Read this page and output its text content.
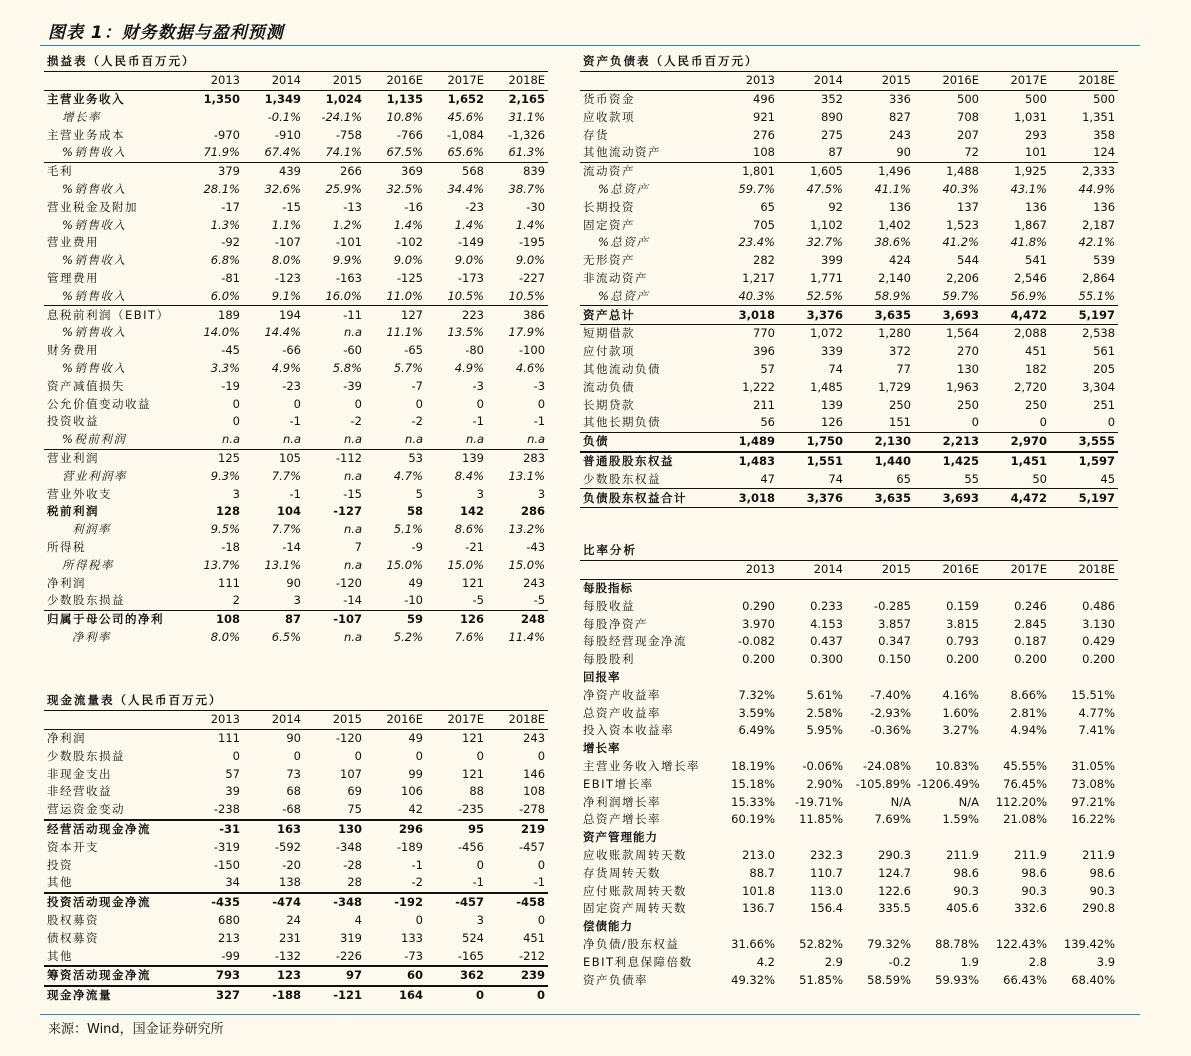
图表 1：财务数据与盈利预测
损益表（人民币百万元）						
	2013	2014	2015	2016E	2017E	2018E
主营业务收入	1,350	1,349	1,024	1,135	1,652	2,165
增长率		-0.1%	-24.1%	10.8%	45.6%	31.1%
主营业务成本	-970	-910	-758	-766	-1,084	-1,326
%销售收入	71.9%	67.4%	74.1%	67.5%	65.6%	61.3%
毛利	379	439	266	369	568	839
%销售收入	28.1%	32.6%	25.9%	32.5%	34.4%	38.7%
营业税金及附加	-17	-15	-13	-16	-23	-30
%销售收入	1.3%	1.1%	1.2%	1.4%	1.4%	1.4%
营业费用	-92	-107	-101	-102	-149	-195
%销售收入	6.8%	8.0%	9.9%	9.0%	9.0%	9.0%
管理费用	-81	-123	-163	-125	-173	-227
%销售收入	6.0%	9.1%	16.0%	11.0%	10.5%	10.5%
息税前利润（EBIT）	189	194	-11	127	223	386
%销售收入	14.0%	14.4%	n.a	11.1%	13.5%	17.9%
财务费用	-45	-66	-60	-65	-80	-100
%销售收入	3.3%	4.9%	5.8%	5.7%	4.9%	4.6%
资产减值损失	-19	-23	-39	-7	-3	-3
公允价值变动收益	0	0	0	0	0	0
投资收益	0	-1	-2	-2	-1	-1
%税前利润	n.a	n.a	n.a	n.a	n.a	n.a
营业利润	125	105	-112	53	139	283
营业利润率	9.3%	7.7%	n.a	4.7%	8.4%	13.1%
营业外收支	3	-1	-15	5	3	3
税前利润	128	104	-127	58	142	286
利润率	9.5%	7.7%	n.a	5.1%	8.6%	13.2%
所得税	-18	-14	7	-9	-21	-43
所得税率	13.7%	13.1%	n.a	15.0%	15.0%	15.0%
净利润	111	90	-120	49	121	243
少数股东损益	2	3	-14	-10	-5	-5
归属于母公司的净利	108	87	-107	59	126	248
净利率	8.0%	6.5%	n.a	5.2%	7.6%	11.4%
现金流量表（人民币百万元）						
	2013	2014	2015	2016E	2017E	2018E
净利润	111	90	-120	49	121	243
少数股东损益	0	0	0	0	0	0
非现金支出	57	73	107	99	121	146
非经营收益	39	68	69	106	88	108
营运资金变动	-238	-68	75	42	-235	-278
经营活动现金净流	-31	163	130	296	95	219
资本开支	-319	-592	-348	-189	-456	-457
投资	-150	-20	-28	-1	0	0
其他	34	138	28	-2	-1	-1
投资活动现金净流	-435	-474	-348	-192	-457	-458
股权募资	680	24	4	0	3	0
债权募资	213	231	319	133	524	451
其他	-99	-132	-226	-73	-165	-212
筹资活动现金净流	793	123	97	60	362	239
现金净流量	327	-188	-121	164	0	0
资产负债表（人民币百万元）						
	2013	2014	2015	2016E	2017E	2018E
货币资金	496	352	336	500	500	500
应收款项	921	890	827	708	1,031	1,351
存货	276	275	243	207	293	358
其他流动资产	108	87	90	72	101	124
流动资产	1,801	1,605	1,496	1,488	1,925	2,333
%总资产	59.7%	47.5%	41.1%	40.3%	43.1%	44.9%
长期投资	65	92	136	137	136	136
固定资产	705	1,102	1,402	1,523	1,867	2,187
%总资产	23.4%	32.7%	38.6%	41.2%	41.8%	42.1%
无形资产	282	399	424	544	541	539
非流动资产	1,217	1,771	2,140	2,206	2,546	2,864
%总资产	40.3%	52.5%	58.9%	59.7%	56.9%	55.1%
资产总计	3,018	3,376	3,635	3,693	4,472	5,197
短期借款	770	1,072	1,280	1,564	2,088	2,538
应付款项	396	339	372	270	451	561
其他流动负债	57	74	77	130	182	205
流动负债	1,222	1,485	1,729	1,963	2,720	3,304
长期贷款	211	139	250	250	250	251
其他长期负债	56	126	151	0	0	0
负债	1,489	1,750	2,130	2,213	2,970	3,555
普通股股东权益	1,483	1,551	1,440	1,425	1,451	1,597
少数股东权益	47	74	65	55	50	45
负债股东权益合计	3,018	3,376	3,635	3,693	4,472	5,197
比率分析						
	2013	2014	2015	2016E	2017E	2018E
每股指标						
每股收益	0.290	0.233	-0.285	0.159	0.246	0.486
每股净资产	3.970	4.153	3.857	3.815	2.845	3.130
每股经营现金净流	-0.082	0.437	0.347	0.793	0.187	0.429
每股股利	0.200	0.300	0.150	0.200	0.200	0.200
回报率						
净资产收益率	7.32%	5.61%	-7.40%	4.16%	8.66%	15.51%
总资产收益率	3.59%	2.58%	-2.93%	1.60%	2.81%	4.77%
投入资本收益率	6.49%	5.95%	-0.36%	3.27%	4.94%	7.41%
增长率						
主营业务收入增长率	18.19%	-0.06%	-24.08%	10.83%	45.55%	31.05%
EBIT增长率	15.18%	2.90%	-105.89%	-1206.49%	76.45%	73.08%
净利润增长率	15.33%	-19.71%	N/A	N/A	112.20%	97.21%
总资产增长率	60.19%	11.85%	7.69%	1.59%	21.08%	16.22%
资产管理能力						
应收账款周转天数	213.0	232.3	290.3	211.9	211.9	211.9
存货周转天数	88.7	110.7	124.7	98.6	98.6	98.6
应付账款周转天数	101.8	113.0	122.6	90.3	90.3	90.3
固定资产周转天数	136.7	156.4	335.5	405.6	332.6	290.8
偿债能力						
净负债/股东权益	31.66%	52.82%	79.32%	88.78%	122.43%	139.42%
EBIT利息保障倍数	4.2	2.9	-0.2	1.9	2.8	3.9
资产负债率	49.32%	51.85%	58.59%	59.93%	66.43%	68.40%
来源：Wind，国金证券研究所
